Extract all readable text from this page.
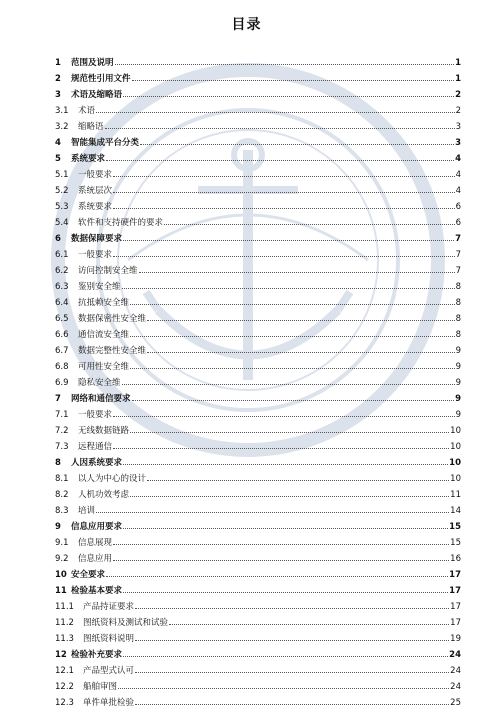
目录
1	范围及说明	1
2	规范性引用文件	1
3	术语及缩略语	2
3.1	术语	2
3.2	缩略语	3
4	智能集成平台分类	3
5	系统要求	4
5.1	一般要求	4
5.2	系统层次	4
5.3	系统要求	6
5.4	软件和支持硬件的要求	6
6	数据保障要求	7
6.1	一般要求	7
6.2	访问控制安全维	7
6.3	鉴别安全维	8
6.4	抗抵赖安全维	8
6.5	数据保密性安全维	8
6.6	通信流安全维	8
6.7	数据完整性安全维	9
6.8	可用性安全维	9
6.9	隐私安全维	9
7	网络和通信要求	9
7.1	一般要求	9
7.2	无线数据链路	10
7.3	远程通信	10
8	人因系统要求	10
8.1	以人为中心的设计	10
8.2	人机功效考虑	11
8.3	培训	14
9	信息应用要求	15
9.1	信息展现	15
9.2	信息应用	16
10 安全要求	17
11 检验基本要求	17
11.1	产品持证要求	17
11.2	图纸资料及测试和试验	17
11.3	图纸资料说明	19
12 检验补充要求	24
12.1	产品型式认可	24
12.2	船舶审图	24
12.3	单件单批检验	25
